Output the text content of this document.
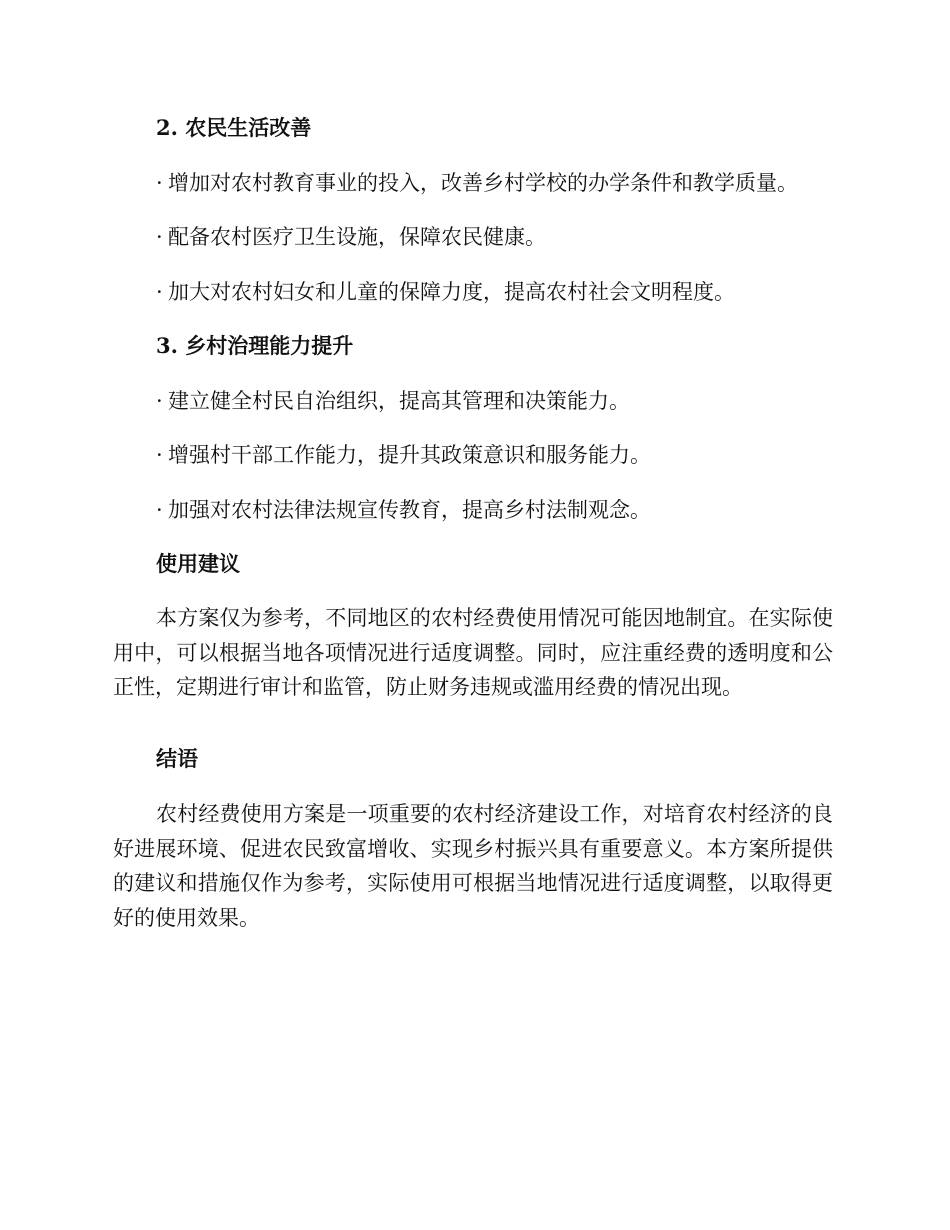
2. 农民生活改善
· 增加对农村教育事业的投入，改善乡村学校的办学条件和教学质量。
· 配备农村医疗卫生设施，保障农民健康。
· 加大对农村妇女和儿童的保障力度，提高农村社会文明程度。
3. 乡村治理能力提升
· 建立健全村民自治组织，提高其管理和决策能力。
· 增强村干部工作能力，提升其政策意识和服务能力。
· 加强对农村法律法规宣传教育，提高乡村法制观念。
使用建议
本方案仅为参考，不同地区的农村经费使用情况可能因地制宜。在实际使用中，可以根据当地各项情况进行适度调整。同时，应注重经费的透明度和公正性，定期进行审计和监管，防止财务违规或滥用经费的情况出现。
结语
农村经费使用方案是一项重要的农村经济建设工作，对培育农村经济的良好进展环境、促进农民致富增收、实现乡村振兴具有重要意义。本方案所提供的建议和措施仅作为参考，实际使用可根据当地情况进行适度调整，以取得更好的使用效果。
